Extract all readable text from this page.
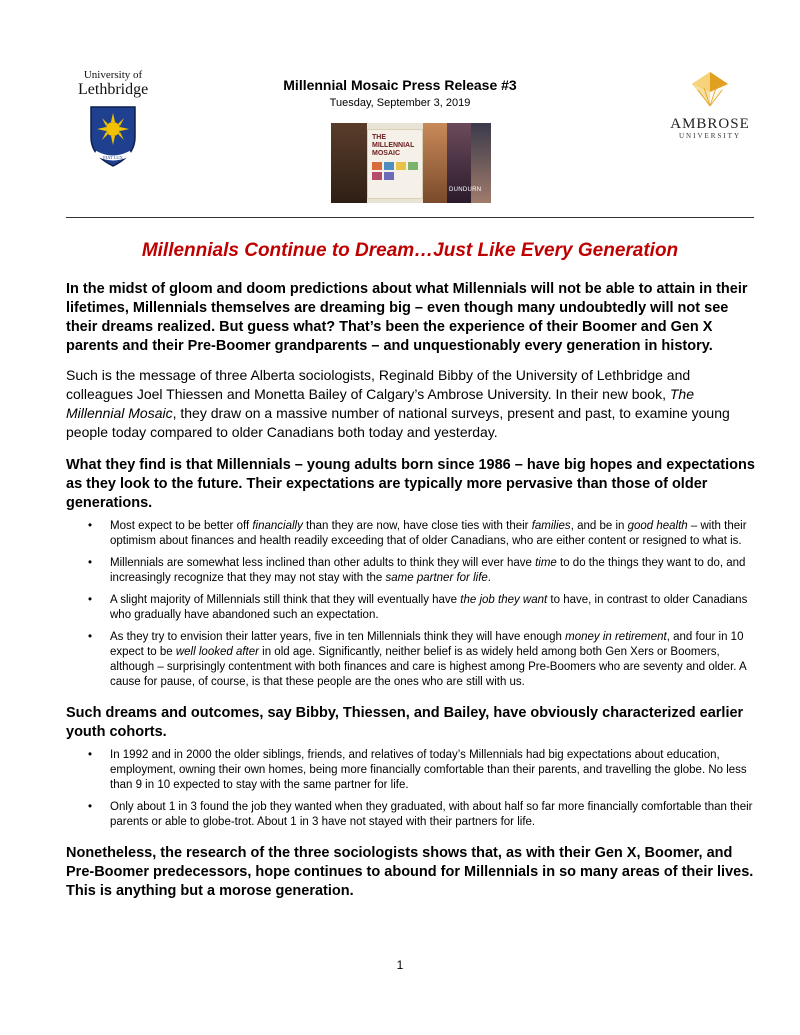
University of
Lethbridge
FIAT LUX
AMBROSE
UNIVERSITY
Millennial Mosaic Press Release #3
Tuesday, September 3, 2019
THE
MILLENNIAL
MOSAIC
DUNDURN
Millennials Continue to Dream…Just Like Every Generation

In the midst of gloom and doom predictions about what Millennials will not be able to attain in their lifetimes, Millennials themselves are dreaming big – even though many undoubtedly will not see their dreams realized. But guess what? That’s been the experience of their Boomer and Gen X parents and their Pre-Boomer grandparents – and unquestionably every generation in history.

Such is the message of three Alberta sociologists, Reginald Bibby of the University of Lethbridge and colleagues Joel Thiessen and Monetta Bailey of Calgary’s Ambrose University. In their new book, The Millennial Mosaic, they draw on a massive number of national surveys, present and past, to examine young people today compared to older Canadians both today and yesterday.

What they find is that Millennials – young adults born since 1986 – have big hopes and expectations as they look to the future. Their expectations are typically more pervasive than those of older generations.

• Most expect to be better off financially than they are now, have close ties with their families, and be in good health – with their optimism about finances and health readily exceeding that of older Canadians, who are either content or resigned to what is.
• Millennials are somewhat less inclined than other adults to think they will ever have time to do the things they want to do, and increasingly recognize that they may not stay with the same partner for life.
• A slight majority of Millennials still think that they will eventually have the job they want to have, in contrast to older Canadians who gradually have abandoned such an expectation.
• As they try to envision their latter years, five in ten Millennials think they will have enough money in retirement, and four in 10 expect to be well looked after in old age. Significantly, neither belief is as widely held among both Gen Xers or Boomers, although – surprisingly contentment with both finances and care is highest among Pre-Boomers who are seventy and older. A cause for pause, of course, is that these people are the ones who are still with us.

Such dreams and outcomes, say Bibby, Thiessen, and Bailey, have obviously characterized earlier youth cohorts.

• In 1992 and in 2000 the older siblings, friends, and relatives of today’s Millennials had big expectations about education, employment, owning their own homes, being more financially comfortable than their parents, and travelling the globe. No less than 9 in 10 expected to stay with the same partner for life.
• Only about 1 in 3 found the job they wanted when they graduated, with about half so far more financially comfortable than their parents or able to globe-trot. About 1 in 3 have not stayed with their partners for life.

Nonetheless, the research of the three sociologists shows that, as with their Gen X, Boomer, and Pre-Boomer predecessors, hope continues to abound for Millennials in so many areas of their lives. This is anything but a morose generation.

1
